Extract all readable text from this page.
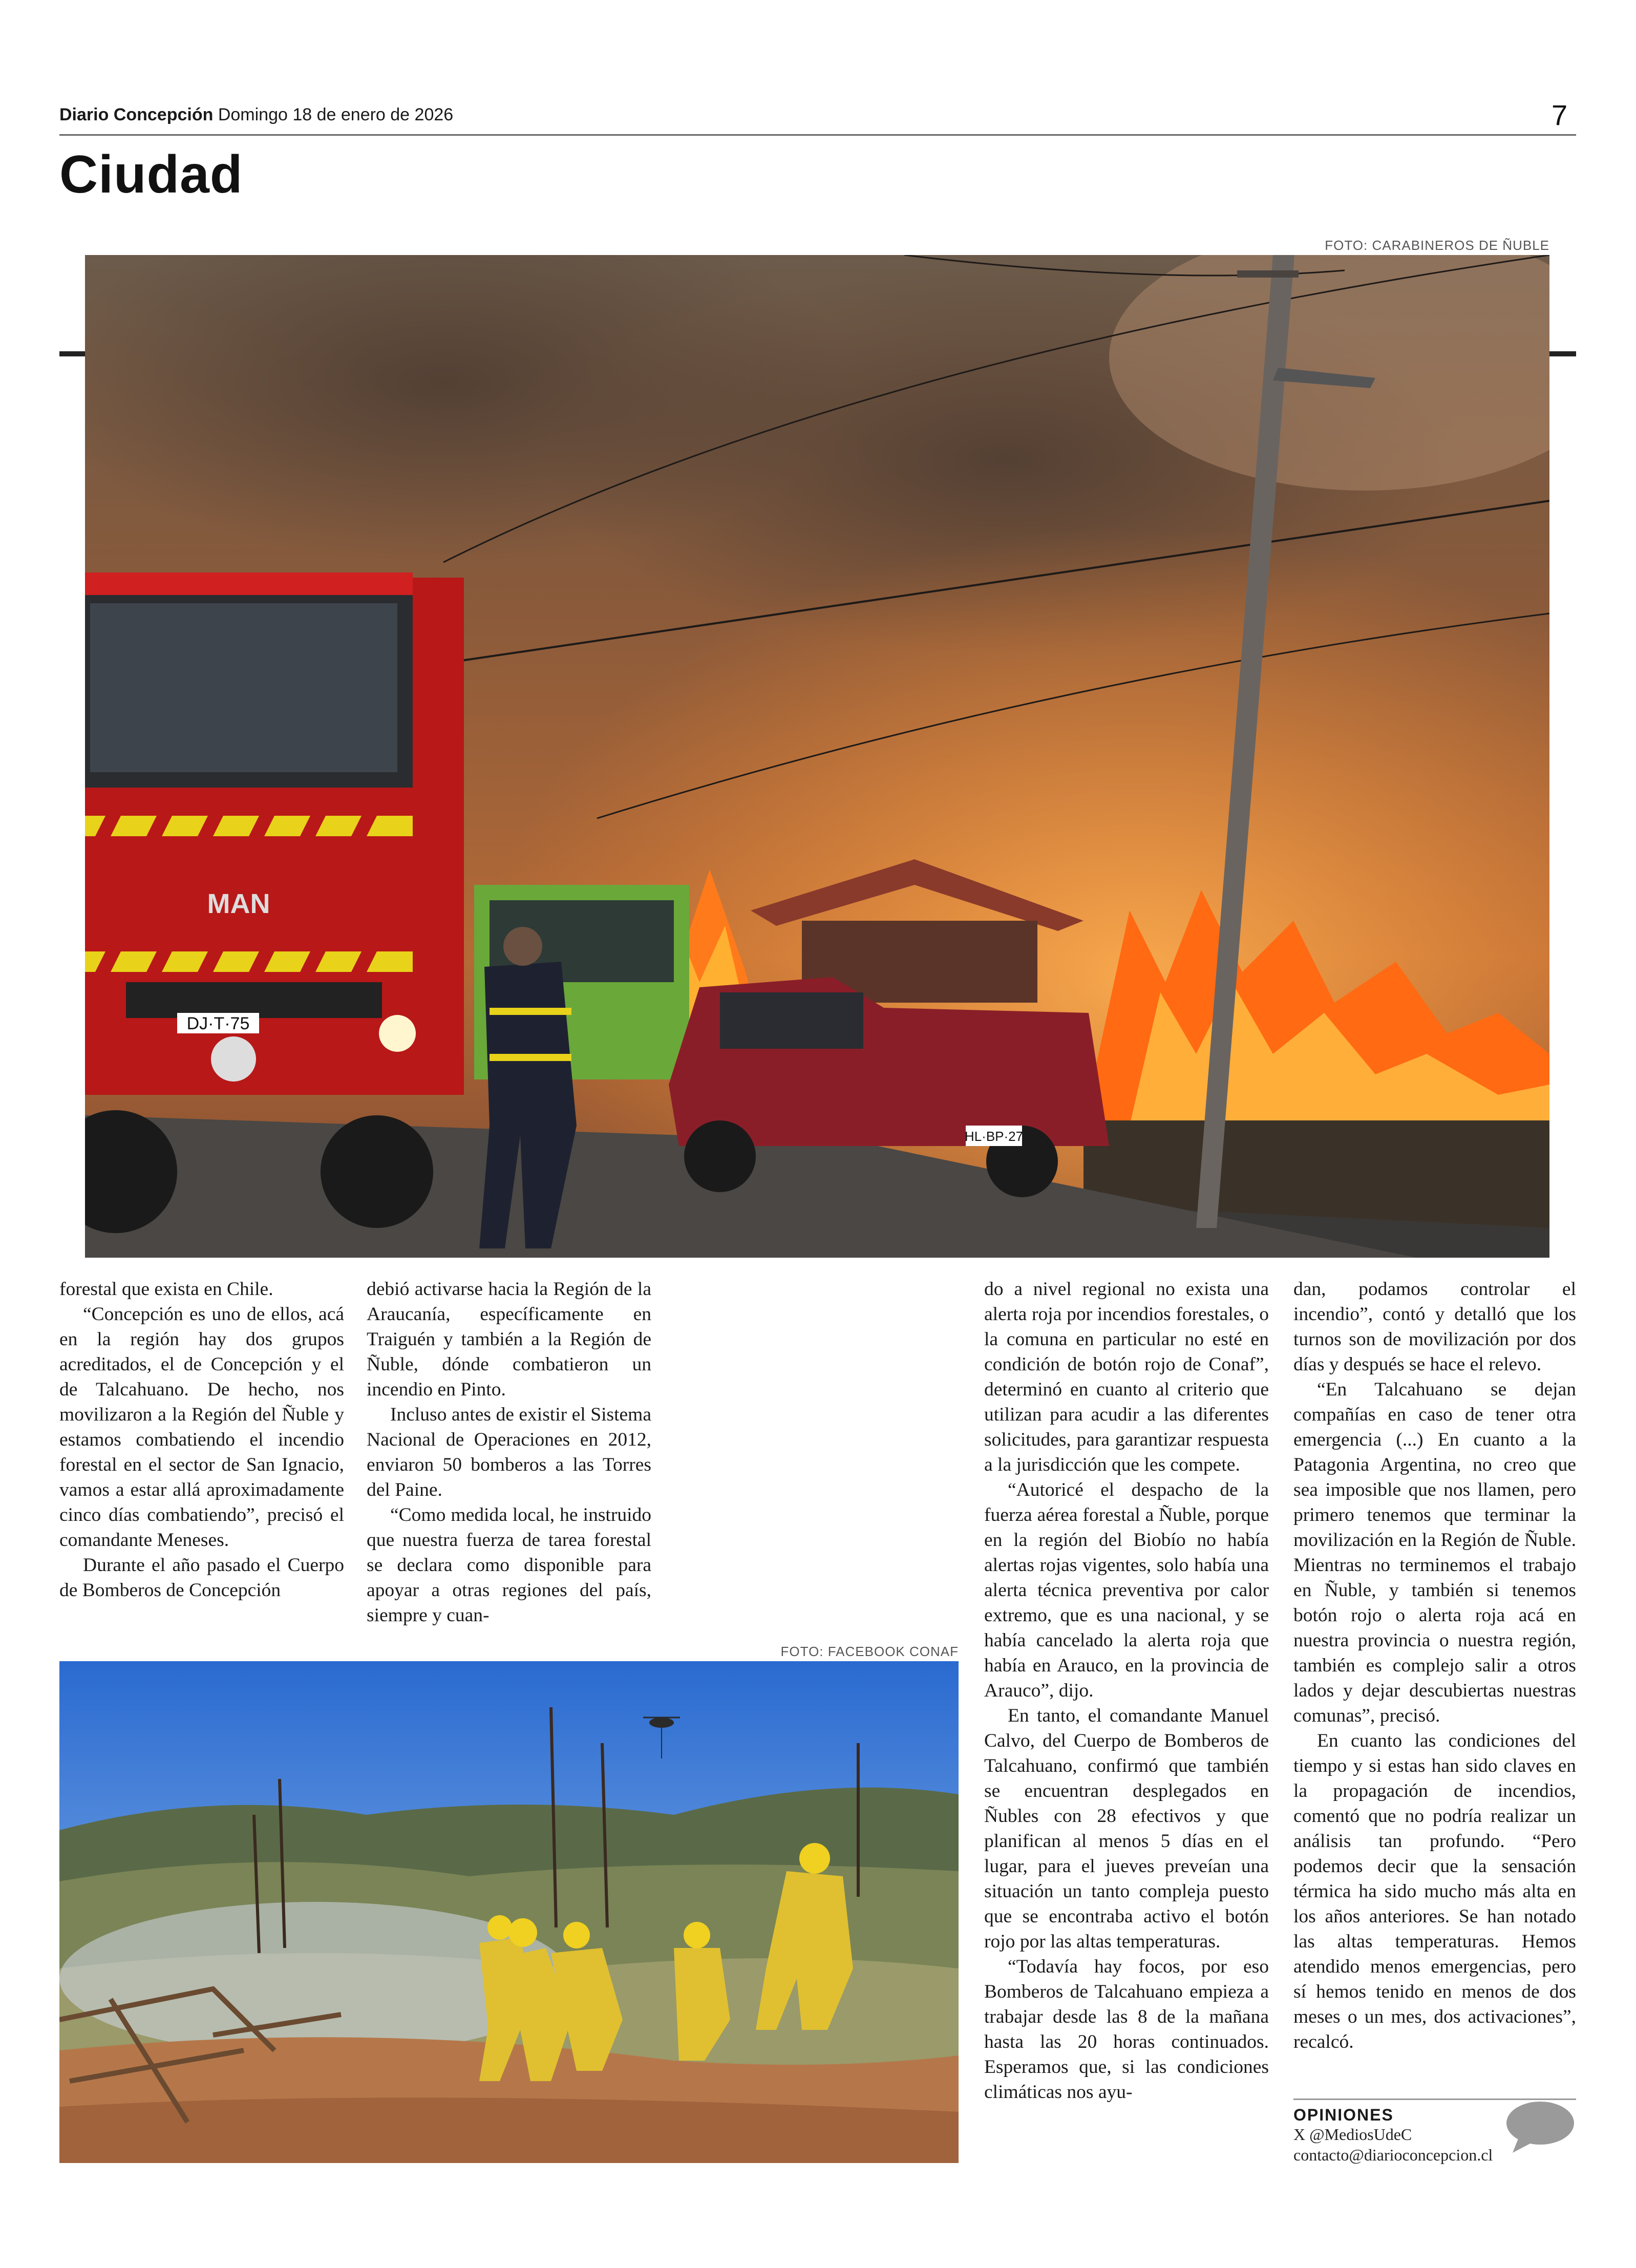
Diario Concepción Domingo 18 de enero de 2026	7
Ciudad
FOTO: CARABINEROS DE ÑUBLE
DJ·T·75
MAN
HL·BP·27

forestal que exista en Chile.

“Concepción es uno de ellos, acá en la región hay dos grupos acreditados, el de Concepción y el de Talcahuano. De hecho, nos movilizaron a la Región del Ñuble y estamos combatiendo el incendio forestal en el sector de San Ignacio, vamos a estar allá aproximadamente cinco días combatiendo”, precisó el comandante Meneses.

Durante el año pasado el Cuerpo de Bomberos de Concepción

debió activarse hacia la Región de la Araucanía, específicamente en Traiguén y también a la Región de Ñuble, dónde combatieron un incendio en Pinto.

Incluso antes de existir el Sistema Nacional de Operaciones en 2012, enviaron 50 bomberos a las Torres del Paine.

“Como medida local, he instruido que nuestra fuerza de tarea forestal se declara como disponible para apoyar a otras regiones del país, siempre y cuan-

FOTO: FACEBOOK CONAF

do a nivel regional no exista una alerta roja por incendios forestales, o la comuna en particular no esté en condición de botón rojo de Conaf”, determinó en cuanto al criterio que utilizan para acudir a las diferentes solicitudes, para garantizar respuesta a la jurisdicción que les compete.

“Autoricé el despacho de la fuerza aérea forestal a Ñuble, porque en la región del Biobío no había alertas rojas vigentes, solo había una alerta técnica preventiva por calor extremo, que es una nacional, y se había cancelado la alerta roja que había en Arauco, en la provincia de Arauco”, dijo.

En tanto, el comandante Manuel Calvo, del Cuerpo de Bomberos de Talcahuano, confirmó que también se encuentran desplegados en Ñubles con 28 efectivos y que planifican al menos 5 días en el lugar, para el jueves preveían una situación un tanto compleja puesto que se encontraba activo el botón rojo por las altas temperaturas.

“Todavía hay focos, por eso Bomberos de Talcahuano empieza a trabajar desde las 8 de la mañana hasta las 20 horas continuados. Esperamos que, si las condiciones climáticas nos ayu-

dan, podamos controlar el incendio”, contó y detalló que los turnos son de movilización por dos días y después se hace el relevo.

“En Talcahuano se dejan compañías en caso de tener otra emergencia (...) En cuanto a la Patagonia Argentina, no creo que sea imposible que nos llamen, pero primero tenemos que terminar la movilización en la Región de Ñuble. Mientras no terminemos el trabajo en Ñuble, y también si tenemos botón rojo o alerta roja acá en nuestra provincia o nuestra región, también es complejo salir a otros lados y dejar descubiertas nuestras comunas”, precisó.

En cuanto las condiciones del tiempo y si estas han sido claves en la propagación de incendios, comentó que no podría realizar un análisis tan profundo. “Pero podemos decir que la sensación térmica ha sido mucho más alta en los años anteriores. Se han notado las altas temperaturas. Hemos atendido menos emergencias, pero sí hemos tenido en menos de dos meses o un mes, dos activaciones”, recalcó.

OPINIONES
X @MediosUdeC
contacto@diarioconcepcion.cl
